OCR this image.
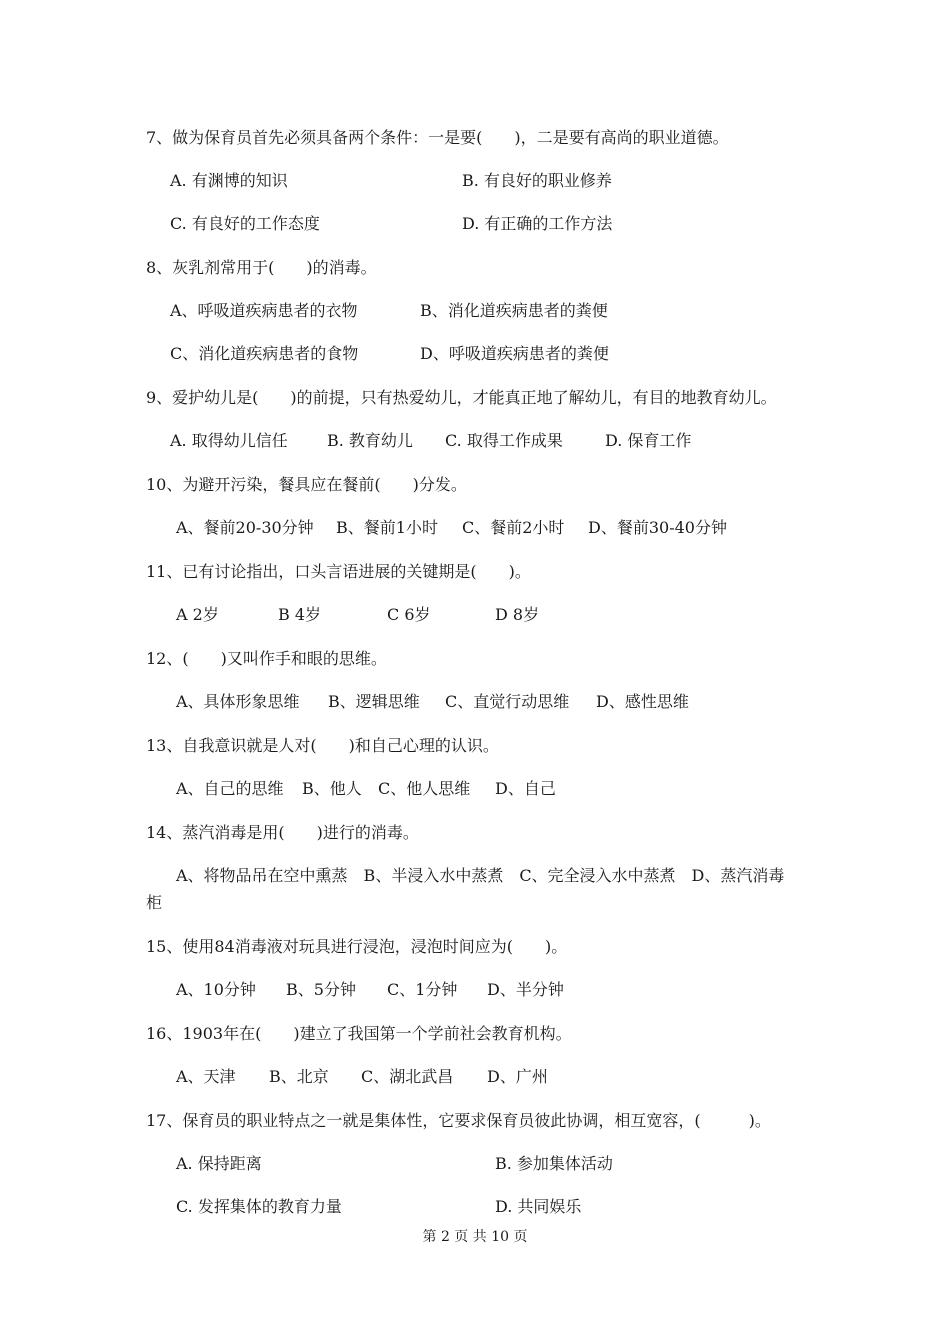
7、做为保育员首先必须具备两个条件：一是要(　　)，二是要有高尚的职业道德。
A. 有渊博的知识	B. 有良好的职业修养
C. 有良好的工作态度	D. 有正确的工作方法
8、灰乳剂常用于(　　)的消毒。
A、呼吸道疾病患者的衣物	B、消化道疾病患者的粪便
C、消化道疾病患者的食物	D、呼吸道疾病患者的粪便
9、爱护幼儿是(　　)的前提，只有热爱幼儿，才能真正地了解幼儿，有目的地教育幼儿。
A. 取得幼儿信任 B. 教育幼儿 C. 取得工作成果	D. 保育工作
10、为避开污染，餐具应在餐前(　　)分发。
A、餐前20-30分钟 B、餐前1小时 C、餐前2小时 D、餐前30-40分钟
11、已有讨论指出，口头言语进展的关键期是(　　)。
A 2岁	B 4岁	C 6岁	D 8岁
12、(　　)又叫作手和眼的思维。
A、具体形象思维 B、逻辑思维 C、直觉行动思维 D、感性思维
13、自我意识就是人对(　　)和自己心理的认识。
A、自己的思维 B、他人 C、他人思维 D、自己
14、蒸汽消毒是用(　　)进行的消毒。
A、将物品吊在空中熏蒸　B、半浸入水中蒸煮　C、完全浸入水中蒸煮　D、蒸汽消毒
柜
15、使用84消毒液对玩具进行浸泡，浸泡时间应为(　　)。
A、10分钟 B、5分钟 C、1分钟 D、半分钟
16、1903年在(　　)建立了我国第一个学前社会教育机构。
A、天津 B、北京 C、湖北武昌 D、广州
17、保育员的职业特点之一就是集体性，它要求保育员彼此协调，相互宽容，(　　　)。
A. 保持距离	B. 参加集体活动
C. 发挥集体的教育力量	D. 共同娱乐
第 2 页 共 10 页
